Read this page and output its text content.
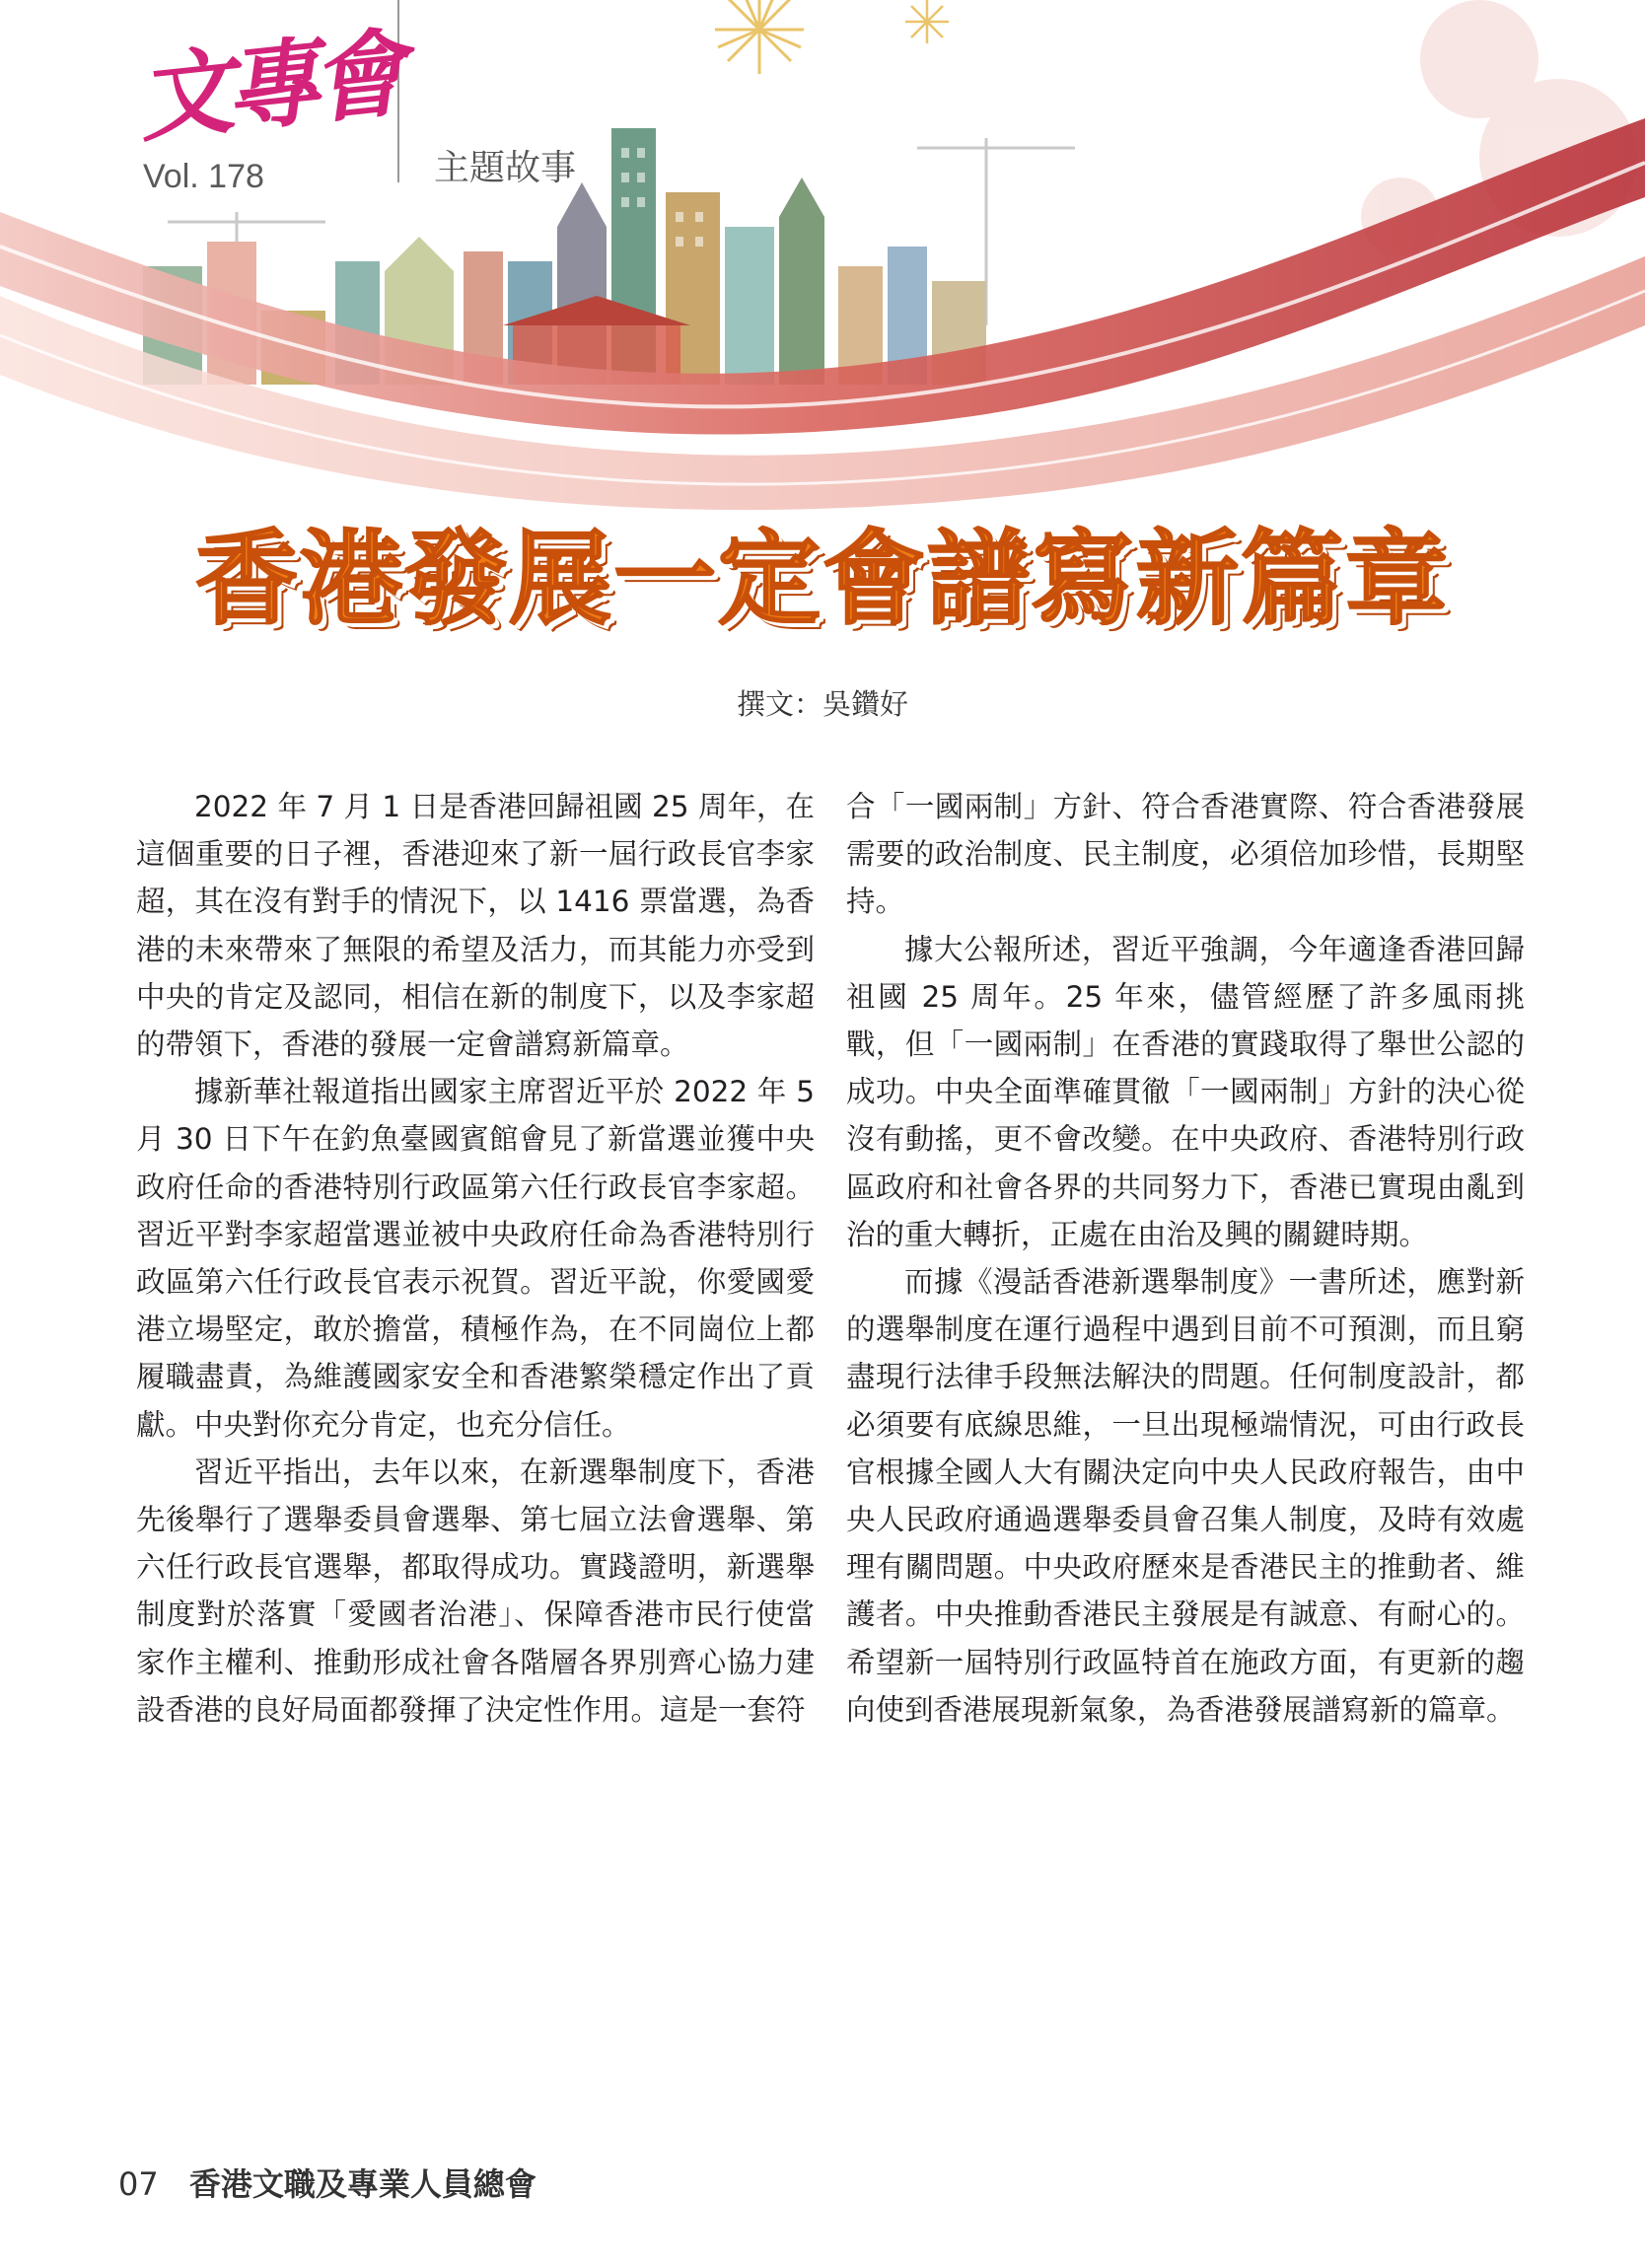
文專會
Vol. 178	主題故事
香港發展一定會譜寫新篇章
撰文：吳鑽好

2022 年 7 月 1 日是香港回歸祖國 25 周年，在這個重要的日子裡，香港迎來了新一屆行政長官李家超，其在沒有對手的情況下，以 1416 票當選，為香港的未來帶來了無限的希望及活力，而其能力亦受到中央的肯定及認同，相信在新的制度下，以及李家超的帶領下，香港的發展一定會譜寫新篇章。

據新華社報道指出國家主席習近平於 2022 年 5 月 30 日下午在釣魚臺國賓館會見了新當選並獲中央政府任命的香港特別行政區第六任行政長官李家超。習近平對李家超當選並被中央政府任命為香港特別行政區第六任行政長官表示祝賀。習近平說，你愛國愛港立場堅定，敢於擔當，積極作為，在不同崗位上都履職盡責，為維護國家安全和香港繁榮穩定作出了貢獻。中央對你充分肯定，也充分信任。

習近平指出，去年以來，在新選舉制度下，香港先後舉行了選舉委員會選舉、第七屆立法會選舉、第六任行政長官選舉，都取得成功。實踐證明，新選舉制度對於落實「愛國者治港」、保障香港市民行使當家作主權利、推動形成社會各階層各界別齊心協力建設香港的良好局面都發揮了決定性作用。這是一套符

合「一國兩制」方針、符合香港實際、符合香港發展需要的政治制度、民主制度，必須倍加珍惜，長期堅持。

據大公報所述，習近平強調，今年適逢香港回歸祖國 25 周年。25 年來，儘管經歷了許多風雨挑戰，但「一國兩制」在香港的實踐取得了舉世公認的成功。中央全面準確貫徹「一國兩制」方針的決心從沒有動搖，更不會改變。在中央政府、香港特別行政區政府和社會各界的共同努力下，香港已實現由亂到治的重大轉折，正處在由治及興的關鍵時期。

而據《漫話香港新選舉制度》一書所述，應對新的選舉制度在運行過程中遇到目前不可預測，而且窮盡現行法律手段無法解決的問題。任何制度設計，都必須要有底線思維，一旦出現極端情況，可由行政長官根據全國人大有關決定向中央人民政府報告，由中央人民政府通過選舉委員會召集人制度，及時有效處理有關問題。中央政府歷來是香港民主的推動者、維護者。中央推動香港民主發展是有誠意、有耐心的。希望新一屆特別行政區特首在施政方面，有更新的趨向使到香港展現新氣象，為香港發展譜寫新的篇章。

07 香港文職及專業人員總會
